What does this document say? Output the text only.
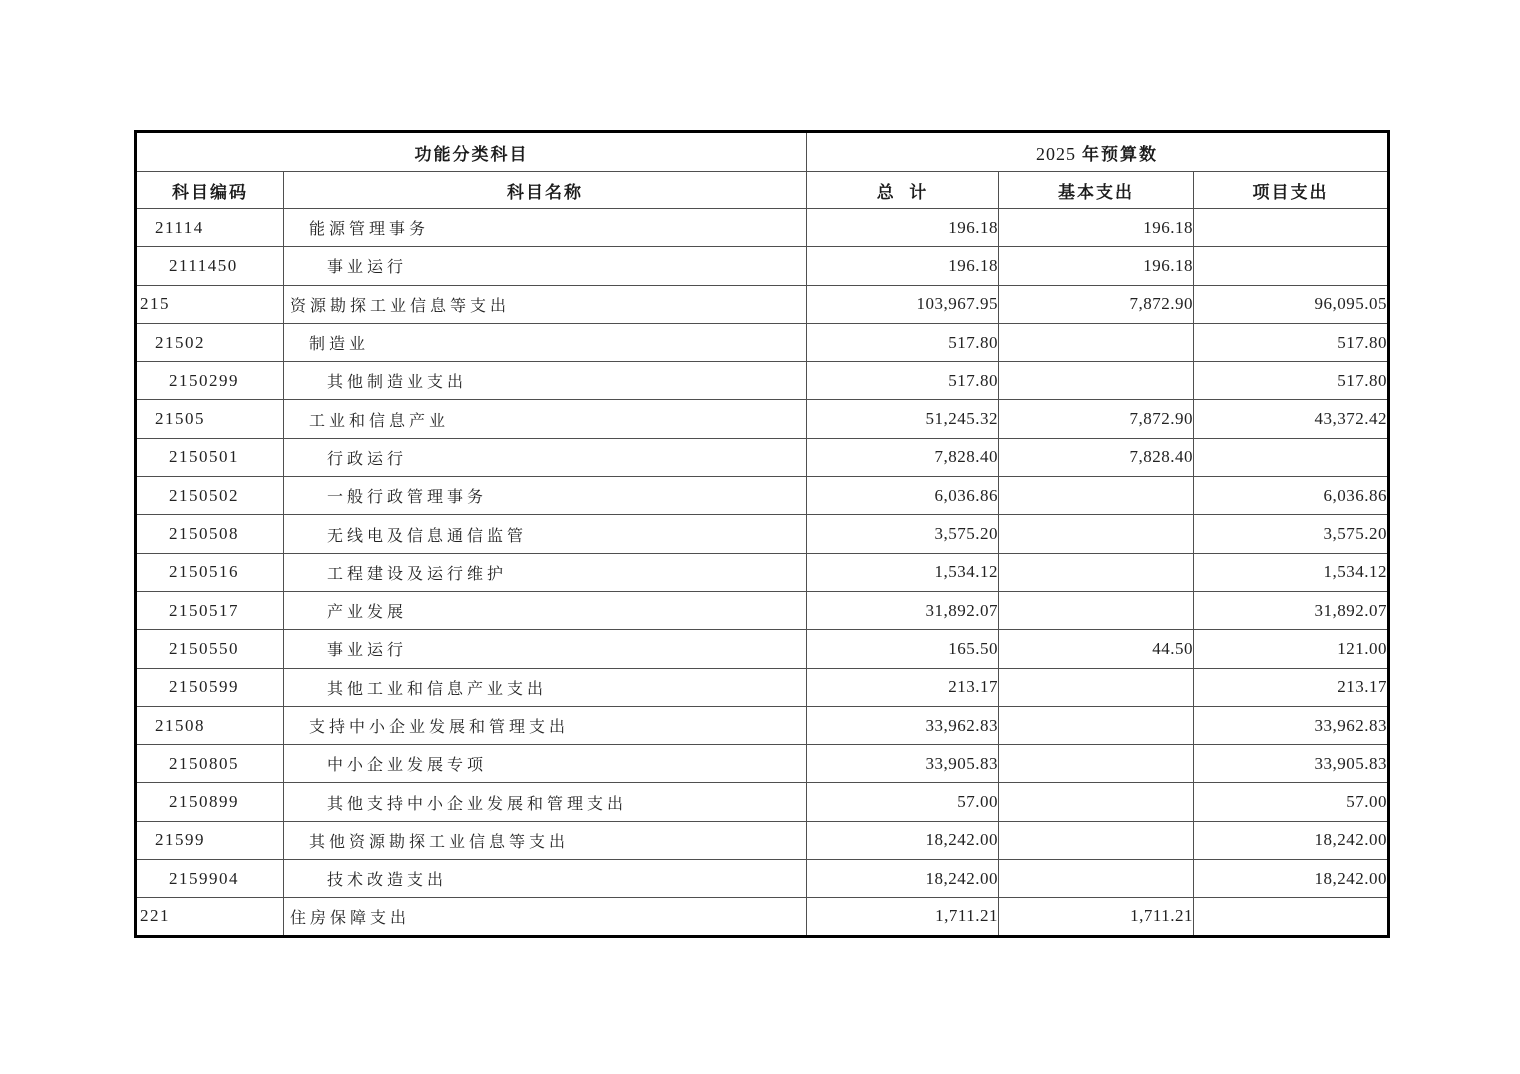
功能分类科目		2025 年预算数		
科目编码	科目名称	总  计	基本支出	项目支出
21114	能源管理事务	196.18	196.18	
2111450	事业运行	196.18	196.18	
215	资源勘探工业信息等支出	103,967.95	7,872.90	96,095.05
21502	制造业	517.80		517.80
2150299	其他制造业支出	517.80		517.80
21505	工业和信息产业	51,245.32	7,872.90	43,372.42
2150501	行政运行	7,828.40	7,828.40	
2150502	一般行政管理事务	6,036.86		6,036.86
2150508	无线电及信息通信监管	3,575.20		3,575.20
2150516	工程建设及运行维护	1,534.12		1,534.12
2150517	产业发展	31,892.07		31,892.07
2150550	事业运行	165.50	44.50	121.00
2150599	其他工业和信息产业支出	213.17		213.17
21508	支持中小企业发展和管理支出	33,962.83		33,962.83
2150805	中小企业发展专项	33,905.83		33,905.83
2150899	其他支持中小企业发展和管理支出	57.00		57.00
21599	其他资源勘探工业信息等支出	18,242.00		18,242.00
2159904	技术改造支出	18,242.00		18,242.00
221	住房保障支出	1,711.21	1,711.21	
